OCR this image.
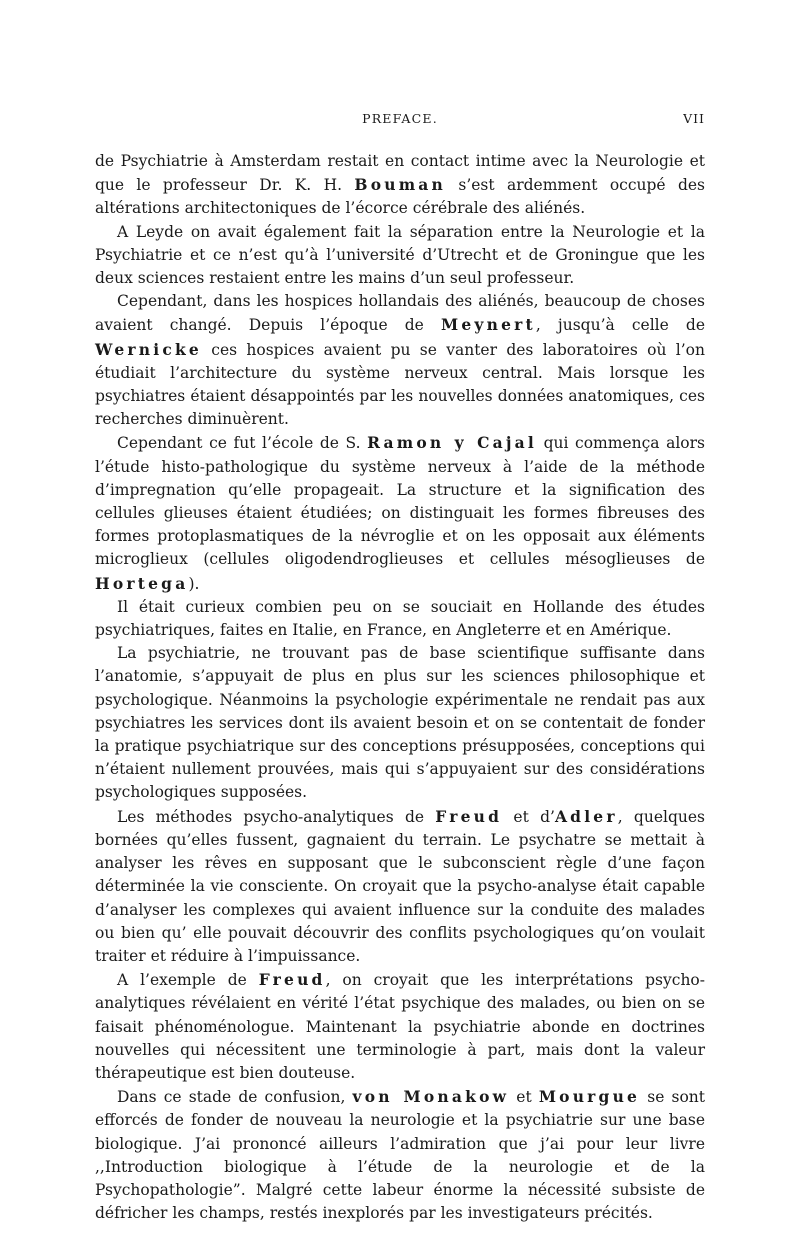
PREFACE.	VII

de Psychiatrie à Amsterdam restait en contact intime avec la Neurologie et que le professeur Dr. K. H. Bouman s’est ardemment occupé des altérations architectoniques de l’écorce cérébrale des aliénés.

A Leyde on avait également fait la séparation entre la Neurologie et la Psychiatrie et ce n’est qu’à l’université d’Utrecht et de Groningue que les deux sciences restaient entre les mains d’un seul professeur.

Cependant, dans les hospices hollandais des aliénés, beaucoup de choses avaient changé. Depuis l’époque de Meynert, jusqu’à celle de Wernicke ces hospices avaient pu se vanter des laboratoires où l’on étudiait l’architecture du système nerveux central. Mais lorsque les psychiatres étaient désappointés par les nouvelles données anatomiques, ces recherches diminuèrent.

Cependant ce fut l’école de S. Ramon y Cajal qui commença alors l’étude histo-pathologique du système nerveux à l’aide de la méthode d’impregnation qu’elle propageait. La structure et la signification des cellules glieuses étaient étudiées; on distinguait les formes fibreuses des formes protoplasmatiques de la névroglie et on les opposait aux éléments microglieux (cellules oligodendroglieuses et cellules mésoglieuses de Hortega).

Il était curieux combien peu on se souciait en Hollande des études psychiatriques, faites en Italie, en France, en Angleterre et en Amérique.

La psychiatrie, ne trouvant pas de base scientifique suffisante dans l’anatomie, s’appuyait de plus en plus sur les sciences philosophique et psychologique. Néanmoins la psychologie expérimentale ne rendait pas aux psychiatres les services dont ils avaient besoin et on se contentait de fonder la pratique psychiatrique sur des conceptions présupposées, conceptions qui n’étaient nullement prouvées, mais qui s’appuyaient sur des considérations psychologiques supposées.

Les méthodes psycho-analytiques de Freud et d’Adler, quelques bornées qu’elles fussent, gagnaient du terrain. Le psychatre se mettait à analyser les rêves en supposant que le subconscient règle d’une façon déterminée la vie consciente. On croyait que la psycho-analyse était capable d’analyser les complexes qui avaient influence sur la conduite des malades ou bien qu’ elle pouvait découvrir des conflits psychologiques qu’on voulait traiter et réduire à l’impuissance.

A l’exemple de Freud, on croyait que les interprétations psycho-analytiques révélaient en vérité l’état psychique des malades, ou bien on se faisait phénoménologue. Maintenant la psychiatrie abonde en doctrines nouvelles qui nécessitent une terminologie à part, mais dont la valeur thérapeutique est bien douteuse.

Dans ce stade de confusion, von Monakow et Mourgue se sont efforcés de fonder de nouveau la neurologie et la psychiatrie sur une base biologique. J’ai prononcé ailleurs l’admiration que j’ai pour leur livre ,,Introduction biologique à l’étude de la neurologie et de la Psychopathologie”. Malgré cette labeur énorme la nécessité subsiste de défricher les champs, restés inexplorés par les investigateurs précités.
